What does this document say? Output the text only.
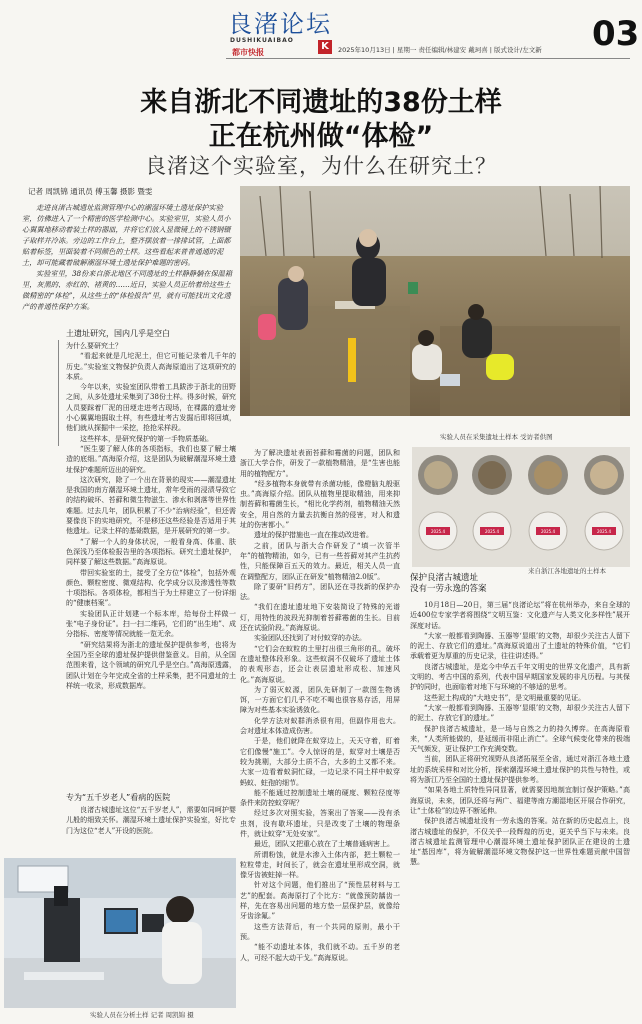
良渚论坛
DUSHIKUAIBAO
都市快报
K	2025年10月13日 | 星期一 责任编辑/林建安 戴珂喜 | 版式设计/左文新 03
来自浙北不同遗址的38份土样
正在杭州做“体检”
良渚这个实验室，为什么在研究土？
记者 周凯锦 通讯员 傅玉馨 摄影 暨雯

走进良渚古城遗址监测管理中心的潮湿环境土遗址保护实验室，仿佛进入了一个精密的医学检测中心。实验室里，实验人员小心翼翼地移动着装土样的器皿，并将它们放入显微镜上的不锈钢镊子取样并冷冻。旁边的工作台上，整齐摆放着一排排试管，上面都贴着标签，里面装着不同颜色的土样。这些看起来普普通通的泥土，却可能藏着破解潮湿环境土遗址保护难题的密码。

实验室里，38份来自浙北地区不同遗址的土样静静躺在保温箱里，灰黑的、赤红的、褚黄的……近日，实验人员正给着给这些土做精密的“体检”，从这些土的“体检报告”里，就有可能找出文化遗产的普通性保护方案。

土遗址研究，国内几乎是空白

为什么要研究土？

“看起来就是几坨泥土，但它可能记录着几千年的历史。”实验室文物保护负责人高海原道出了这项研究的本质。

今年以来，实验室团队带着工具跋涉于浙北的田野之间，从多处遗址采集到了38份土样。得多时候，研究人员要踩着厂泥的田埂走进考古现场，在裸露的遗址旁小心翼翼地掘取土样，有些遗址考古发掘后即将回填，他们就从探掘中一采挖，抢抢采样段。

这些样本，是研究保护的第一手物质基础。

“医生要了解人体的各项指标，我们也要了解土壤造的底细。”高海原介绍，这是团队为破解潮湿环境土遗址保护难题所迈出的研究。

这次研究，除了一个出在背景的现实——潮湿遗址是我国的南方潮湿环境土遗址，常年受雨的浸渍导致它的结构破坏、苔藓和微生物滋生、渗水和剥落等世界性难题。过去几年，团队积累了不少“治病经验”，但还需要像良下的实地研究，不是移还这些经验是否适用于其他遗址。记录土样的基础数据，是开展研究的第一步。

“了解一个人的身体状况，一般看身高、体重、肤色深浅乃至体检报告里的各项指标。研究土遗址保护，同样要了解这些数据。”高海原说。

带回实验室的土，接受了全方位“体检”，包括外观颜色、颗粒密度、微观结构、化学成分以及渗透性等数十项指标。各项体检，都相当于为土样建立了一份详细的“健康档案”。

实验团队正计划建一个标本库，给每份土样做一张“电子身份证”。扫一扫二维码，它们的“出生地”、成分指标、密度等情况就能一览无余。

“研究结果将为浙北的遗址保护提供参考，也将为全国乃至全球的遗址保护提供借鉴意义。目前，从全国范围来看，这个领域的研究几乎是空白。”高海原透露，团队计划在今年完成全省的土样采集，把不同遗址的土样统一收录，形成数据库。

专为“五千岁老人”看病的医院

良渚古城遗址这位“五千岁老人”，需要如同呵护婴儿般的细致关怀。潮湿环境土遗址保护实验室，好比专门为这位“老人”开设的医院。

实验人员在采集遗址土样本 受访者供图

为了解决遗址表面苔藓和霉菌的问题，团队和浙江大学合作，研发了一款植物精油，是“生害也能用的植物配方”。

“经多植物本身就带有杀菌功能，像橙脑丸般驱虫。”高海原介绍。团队从植物里提取精油，用来抑制苔藓和霉菌生长，“相比化学药剂，植物精油天然安全，用自然的力量去抗衡自然的侵害，对人和遗址的伤害都小。”

遗址的保护措施也一直在推动改进着。

之前，团队与浙大合作研发了“填一次管半年”的植物精油，如今，已有一些苔藓对其产生抗药性，只能保障百五天的效力。最近，相关人员一直在调整配方，团队正在研发“植物精油2.0版”。

除了要研“旧药方”，团队还在寻找新的保护办法。

“我们在遗址遗址地下安装简设了特殊的光谱灯，用特性的波段光抑制着苔藓霉菌的生长。目前还在试验阶段。”高海原说。

实验团队还找到了对付蚁穿的办法。

“它们会在蚁粒的土里打出很三角形的孔，破坏在遗址整体段形象。这些蚁洞不仅破坏了遗址土体的表观形态，还会让表层遗址形成松、加速风化。”高海原说。

为了弱灭蚁源，团队先研制了一款图生物诱饵，一方面它们几乎不吃不喝也很容易存活，用屏障为对些基本实验诱敛化。

化学方法对蚁群消杀很有用，但副作用也大。会对遗址本体造成伤害。

于是，他们就降在蚁穿边上，天天守着，盯着它们像慢“施工”。令人惊讶的是，蚁穿对土壤是否较为挑剔，大部分土质不合，大多的土又都不来。大家一边看着蚁洞忙碌，一边记录不同土样中蚁穿蚂蚁、蛀孢的细节。

能不能通过控制遗址土壤的硬度、颗粒径度等条件来防控蚁穿呢？

经过多次对照实验，答案出了答案——没有杀虫剂，没有歇坏遗址，只是改变了土壤的物理条件，就让蚁穿“无处安家”。

最近，团队又把重心放在了土壤普通病害上。

所谓粉蚀，就是水渗入土体内部，把土颗粒一粒粒带走，时间长了，就会在遗址里形成空洞，就像牙齿被蛀掉一样。

针对这个问题，他们推出了“预性层材料与工艺”的配套。高海原打了个比方：“就像预防龋齿一样，先在容易出问题的地方垫一层保护层，就像给牙齿涂氟。”

这些方法背后，有一个共同的原则，最小干预。

“能不动遗址本体，我们就不动。五千岁的老人，可经不起大动干戈。”高海原说。

2025.4	2025.4	2025.4	2025.4
来自浙江各地遗址的土样本
保护良渚古城遗址
没有一劳永逸的答案

10月18日—20日，第三届“良渚论坛”将在杭州举办，来自全球的近400位专家学者将围绕“文明互鉴：文化遗产与人类文化多样性”展开深度对话。

“大家一般都看到陶器、玉器等‘显眼’的文物，却很少关注古人留下的泥土、存放它们的遗址。”高海原说道出了土遗址的特殊价值，“它们承载着更为厚重的历史记录，往往讲述得。”

良渚古城遗址，是迄今中华五千年文明史的世界文化遗产，具有新文明的、考古中国的系列，代表中国早期国家发展的非凡历程。与其保护的同时，也面临着对地下与环境的不够适的思考。

这些泥土构成的“大地史书”，是文明最重要的见证。

“大家一般都看到陶器、玉器等‘显眼’的文物，却很少关注古人留下的泥土、存放它们的遗址。”

保护良渚古城遗址，是一场与自然之力的持久博弈。在高海原看来，“人类所能做的，是延缓而非阻止消亡”。全球气候变化带来的极端天气频发，更让保护工作充满变数。

当前，团队正将研究视野从良渚拓展至全省，通过对浙江各地土遗址的系统采样和对比分析，探索潮湿环境土遗址保护的共性与特性，或将为浙江乃至全国的土遗址保护提供参考。

“如果各地土质特性异同显著，就需要因地制宜制订保护策略。”高海原说，未来，团队还将与两广、福建等南方潮湿地区开展合作研究，让“土体检”的边界不断延伸。

保护良渚古城遗址没有一劳永逸的答案。站在新的历史起点上，良渚古城遗址的保护，不仅关乎一段辉煌的历史，更关乎当下与未来。良渚古城遗址监测管理中心潮湿环境土遗址保护团队正在建设的土遗址“基因库”，将为破解潮湿环境文物保护这一世界性难题贡献中国智慧。

实验人员在分析土样 记者 周凯锦 摄
